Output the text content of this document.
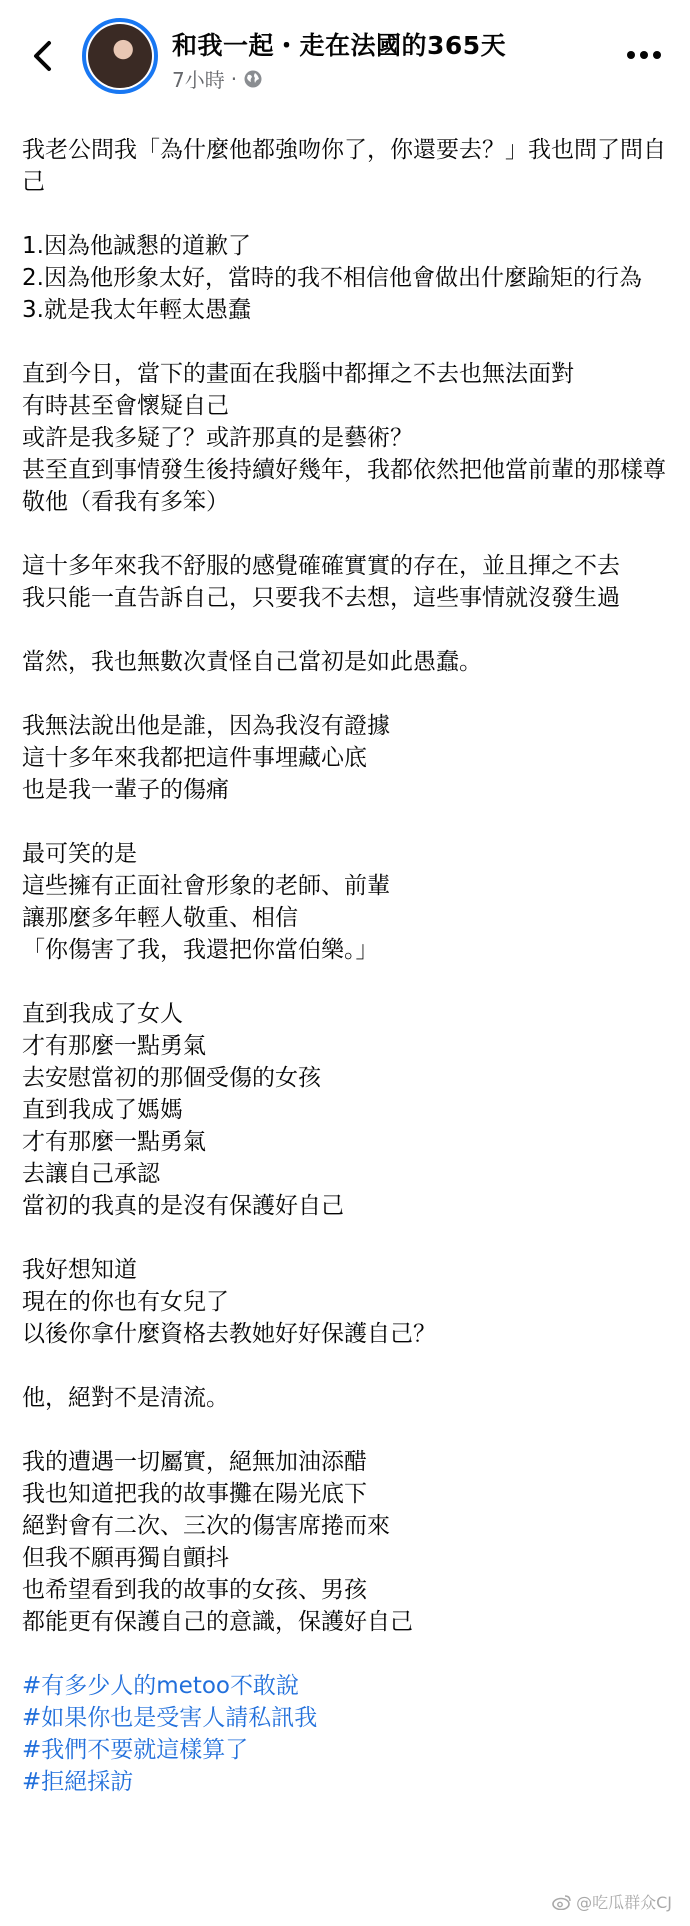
和我一起・走在法國的365天
7小時 ·

我老公問我「為什麼他都強吻你了，你還要去？」我也問了問自己

1.因為他誠懇的道歉了
2.因為他形象太好，當時的我不相信他會做出什麼踰矩的行為
3.就是我太年輕太愚蠢

直到今日，當下的畫面在我腦中都揮之不去也無法面對
有時甚至會懷疑自己
或許是我多疑了？或許那真的是藝術？
甚至直到事情發生後持續好幾年，我都依然把他當前輩的那樣尊敬他（看我有多笨）

這十多年來我不舒服的感覺確確實實的存在，並且揮之不去
我只能一直告訴自己，只要我不去想，這些事情就沒發生過

當然，我也無數次責怪自己當初是如此愚蠢。

我無法說出他是誰，因為我沒有證據
這十多年來我都把這件事埋藏心底
也是我一輩子的傷痛

最可笑的是
這些擁有正面社會形象的老師、前輩
讓那麼多年輕人敬重、相信
「你傷害了我，我還把你當伯樂。」

直到我成了女人
才有那麼一點勇氣
去安慰當初的那個受傷的女孩
直到我成了媽媽
才有那麼一點勇氣
去讓自己承認
當初的我真的是沒有保護好自己

我好想知道
現在的你也有女兒了
以後你拿什麼資格去教她好好保護自己？

他，絕對不是清流。

我的遭遇一切屬實，絕無加油添醋
我也知道把我的故事攤在陽光底下
絕對會有二次、三次的傷害席捲而來
但我不願再獨自顫抖
也希望看到我的故事的女孩、男孩
都能更有保護自己的意識，保護好自己

#有多少人的metoo不敢說
#如果你也是受害人請私訊我
#我們不要就這樣算了
#拒絕採訪
@吃瓜群众CJ
